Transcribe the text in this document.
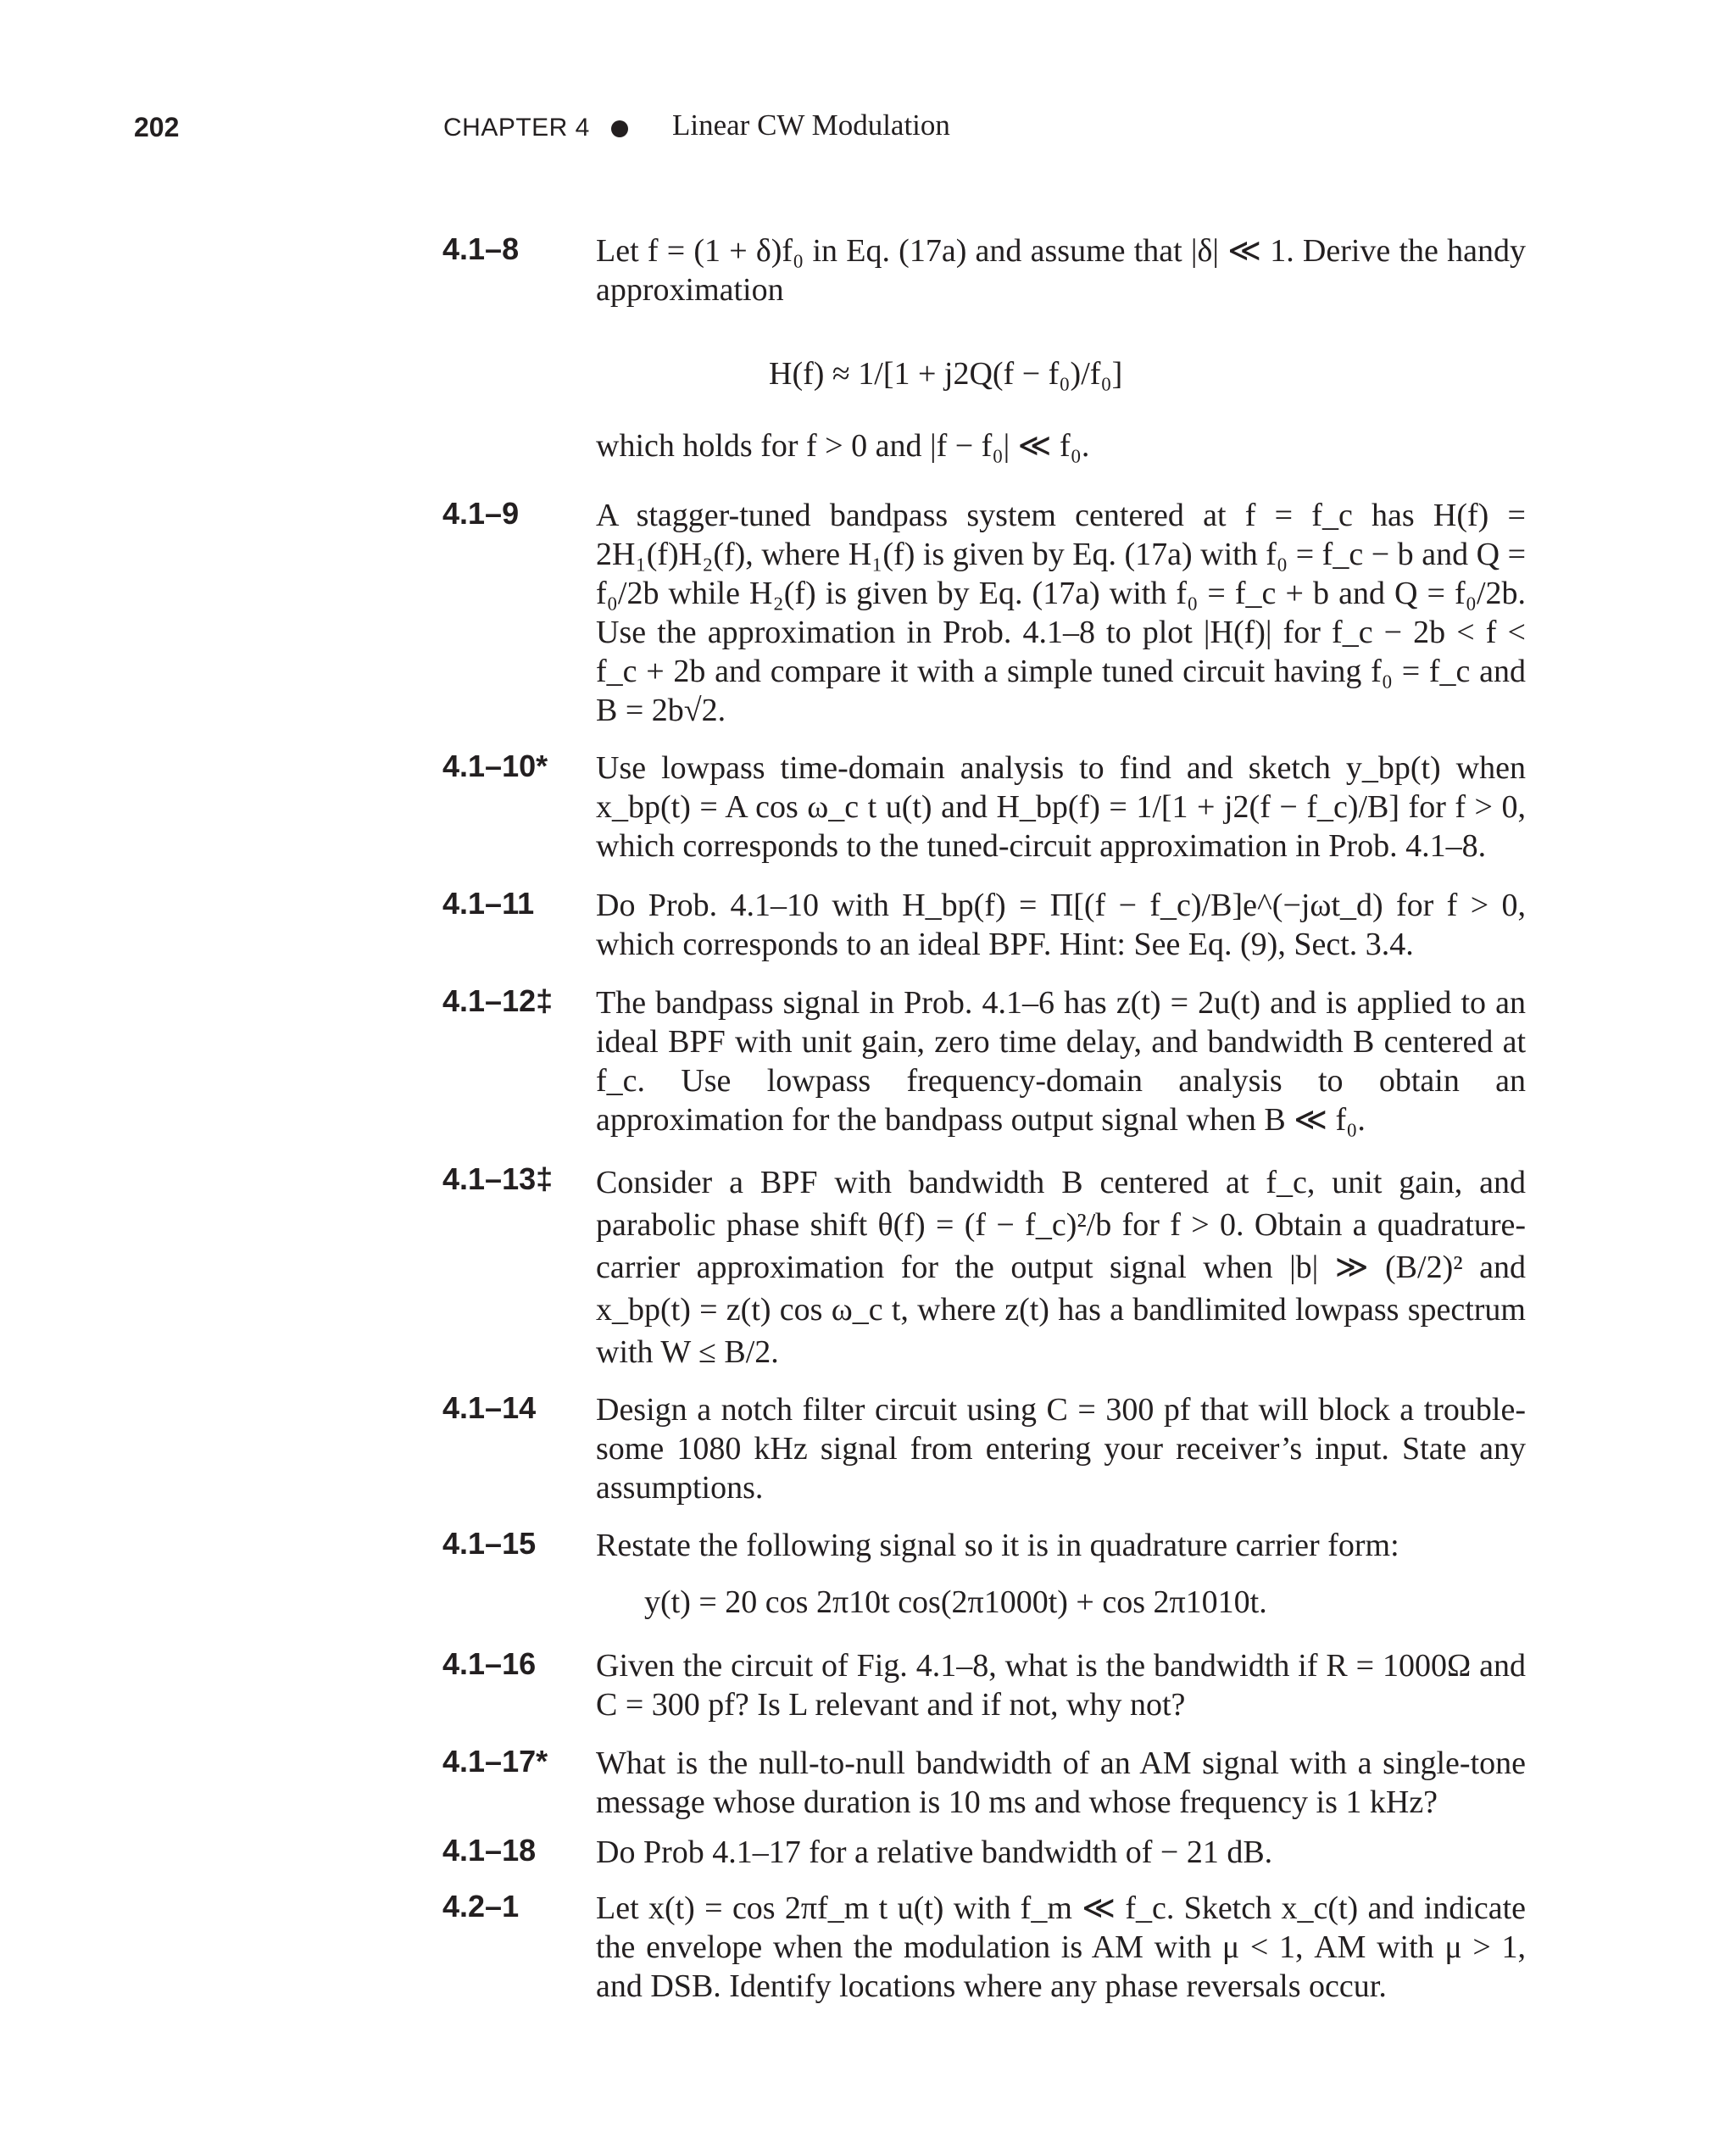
202	CHAPTER 4	Linear CW Modulation
4.1–8 Let f = (1 + δ)f₀ in Eq. (17a) and assume that |δ| ≪ 1. Derive the handy approximation
H(f) ≈ 1/[1 + j2Q(f − f₀)/f₀]
which holds for f > 0 and |f − f₀| ≪ f₀.
4.1–9 A stagger-tuned bandpass system centered at f = f_c has H(f) = 2H₁(f)H₂(f), where H₁(f) is given by Eq. (17a) with f₀ = f_c − b and Q = f₀/2b while H₂(f) is given by Eq. (17a) with f₀ = f_c + b and Q = f₀/2b. Use the approximation in Prob. 4.1–8 to plot |H(f)| for f_c − 2b < f < f_c + 2b and compare it with a simple tuned circuit having f₀ = f_c and B = 2b√2.
4.1–10* Use lowpass time-domain analysis to find and sketch y_bp(t) when x_bp(t) = A cos ω_c t u(t) and H_bp(f) = 1/[1 + j2(f − f_c)/B] for f > 0, which corresponds to the tuned-circuit approximation in Prob. 4.1–8.
4.1–11 Do Prob. 4.1–10 with H_bp(f) = Π[(f − f_c)/B]e^(−jωt_d) for f > 0, which corresponds to an ideal BPF. Hint: See Eq. (9), Sect. 3.4.
4.1–12‡ The bandpass signal in Prob. 4.1–6 has z(t) = 2u(t) and is applied to an ideal BPF with unit gain, zero time delay, and bandwidth B centered at f_c. Use lowpass frequency-domain analysis to obtain an approximation for the bandpass output signal when B ≪ f₀.
4.1–13‡ Consider a BPF with bandwidth B centered at f_c, unit gain, and parabolic phase shift θ(f) = (f − f_c)²/b for f > 0. Obtain a quadrature-carrier approximation for the output signal when |b| ≫ (B/2)² and x_bp(t) = z(t) cos ω_c t, where z(t) has a bandlimited lowpass spectrum with W ≤ B/2.
4.1–14 Design a notch filter circuit using C = 300 pf that will block a trouble-some 1080 kHz signal from entering your receiver’s input. State any assumptions.
4.1–15 Restate the following signal so it is in quadrature carrier form:
y(t) = 20 cos 2π10t cos(2π1000t) + cos 2π1010t.
4.1–16 Given the circuit of Fig. 4.1–8, what is the bandwidth if R = 1000Ω and C = 300 pf? Is L relevant and if not, why not?
4.1–17* What is the null-to-null bandwidth of an AM signal with a single-tone message whose duration is 10 ms and whose frequency is 1 kHz?
4.1–18 Do Prob 4.1–17 for a relative bandwidth of − 21 dB.
4.2–1 Let x(t) = cos 2πf_m t u(t) with f_m ≪ f_c. Sketch x_c(t) and indicate the envelope when the modulation is AM with μ < 1, AM with μ > 1, and DSB. Identify locations where any phase reversals occur.
